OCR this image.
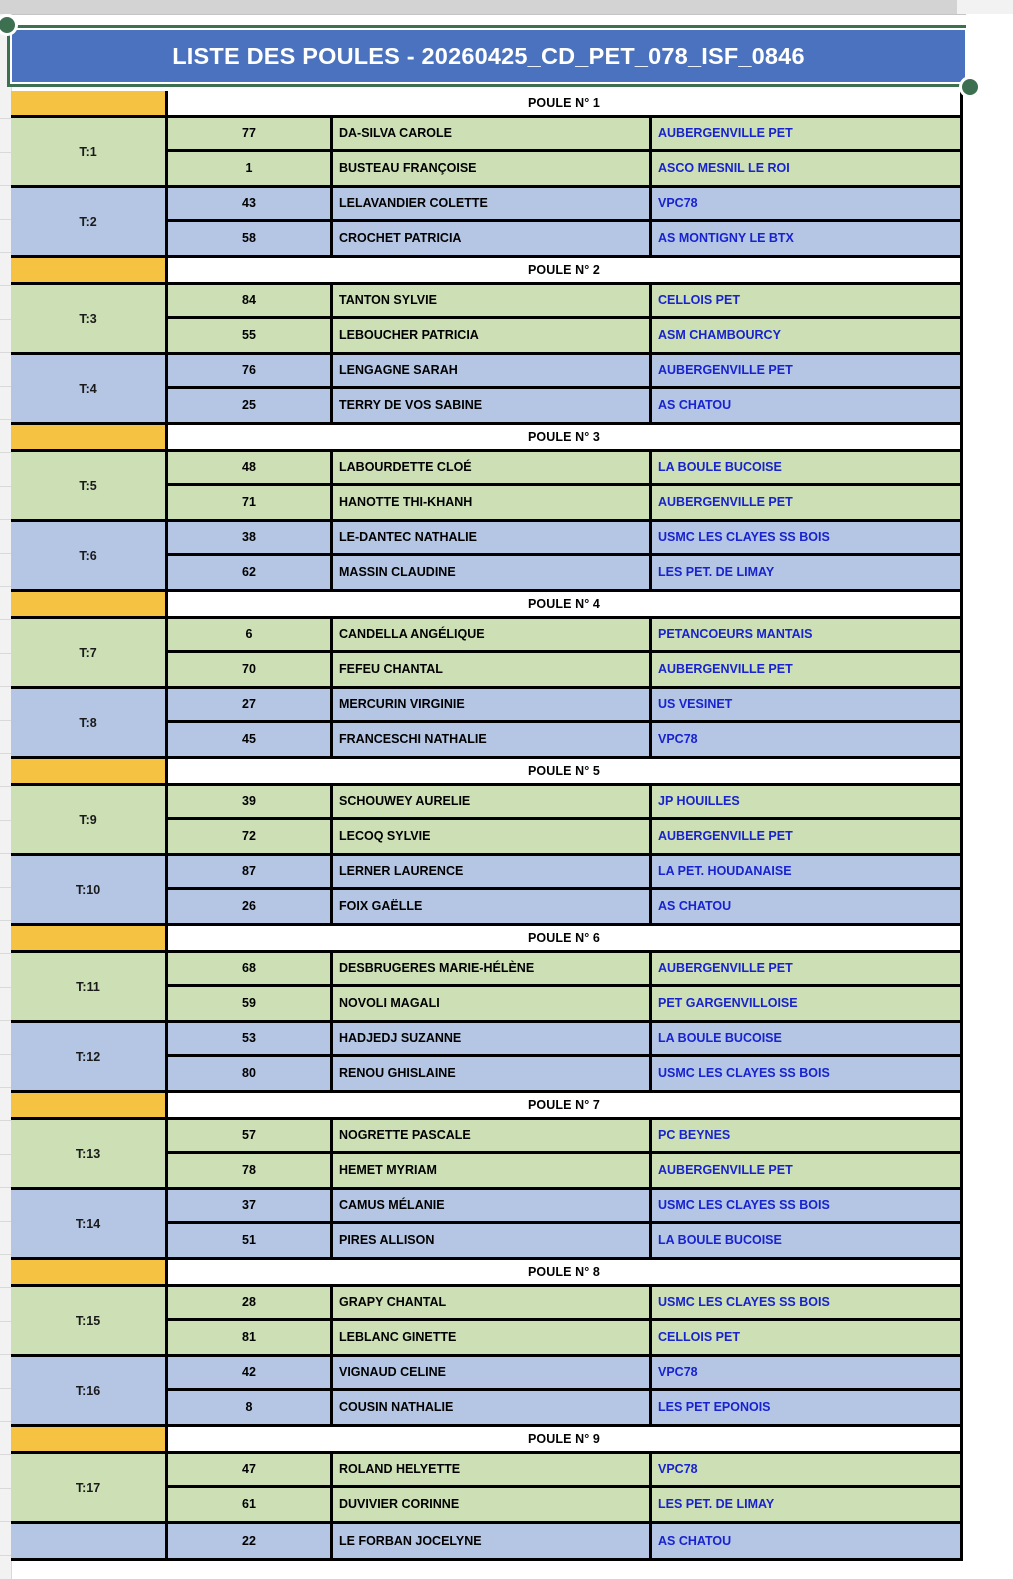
LISTE DES POULES - 20260425_CD_PET_078_ISF_0846
POULE N° 1
T:1
77	DA-SILVA CAROLE	AUBERGENVILLE PET
1	BUSTEAU FRANÇOISE	ASCO MESNIL LE ROI
T:2
43	LELAVANDIER COLETTE	VPC78
58	CROCHET PATRICIA	AS MONTIGNY LE BTX
POULE N° 2
T:3
84	TANTON SYLVIE	CELLOIS PET
55	LEBOUCHER PATRICIA	ASM CHAMBOURCY
T:4
76	LENGAGNE SARAH	AUBERGENVILLE PET
25	TERRY DE VOS SABINE	AS CHATOU
POULE N° 3
T:5
48	LABOURDETTE CLOÉ	LA BOULE BUCOISE
71	HANOTTE THI-KHANH	AUBERGENVILLE PET
T:6
38	LE-DANTEC NATHALIE	USMC LES CLAYES SS BOIS
62	MASSIN CLAUDINE	LES PET. DE LIMAY
POULE N° 4
T:7
6	CANDELLA ANGÉLIQUE	PETANCOEURS MANTAIS
70	FEFEU CHANTAL	AUBERGENVILLE PET
T:8
27	MERCURIN VIRGINIE	US VESINET
45	FRANCESCHI NATHALIE	VPC78
POULE N° 5
T:9
39	SCHOUWEY AURELIE	JP HOUILLES
72	LECOQ SYLVIE	AUBERGENVILLE PET
T:10
87	LERNER LAURENCE	LA PET. HOUDANAISE
26	FOIX GAËLLE	AS CHATOU
POULE N° 6
T:11
68	DESBRUGERES MARIE-HÉLÈNE	AUBERGENVILLE PET
59	NOVOLI MAGALI	PET GARGENVILLOISE
T:12
53	HADJEDJ SUZANNE	LA BOULE BUCOISE
80	RENOU GHISLAINE	USMC LES CLAYES SS BOIS
POULE N° 7
T:13
57	NOGRETTE PASCALE	PC BEYNES
78	HEMET MYRIAM	AUBERGENVILLE PET
T:14
37	CAMUS MÉLANIE	USMC LES CLAYES SS BOIS
51	PIRES ALLISON	LA BOULE BUCOISE
POULE N° 8
T:15
28	GRAPY CHANTAL	USMC LES CLAYES SS BOIS
81	LEBLANC GINETTE	CELLOIS PET
T:16
42	VIGNAUD CELINE	VPC78
8	COUSIN NATHALIE	LES PET EPONOIS
POULE N° 9
T:17
47	ROLAND HELYETTE	VPC78
61	DUVIVIER CORINNE	LES PET. DE LIMAY
22	LE FORBAN JOCELYNE	AS CHATOU
